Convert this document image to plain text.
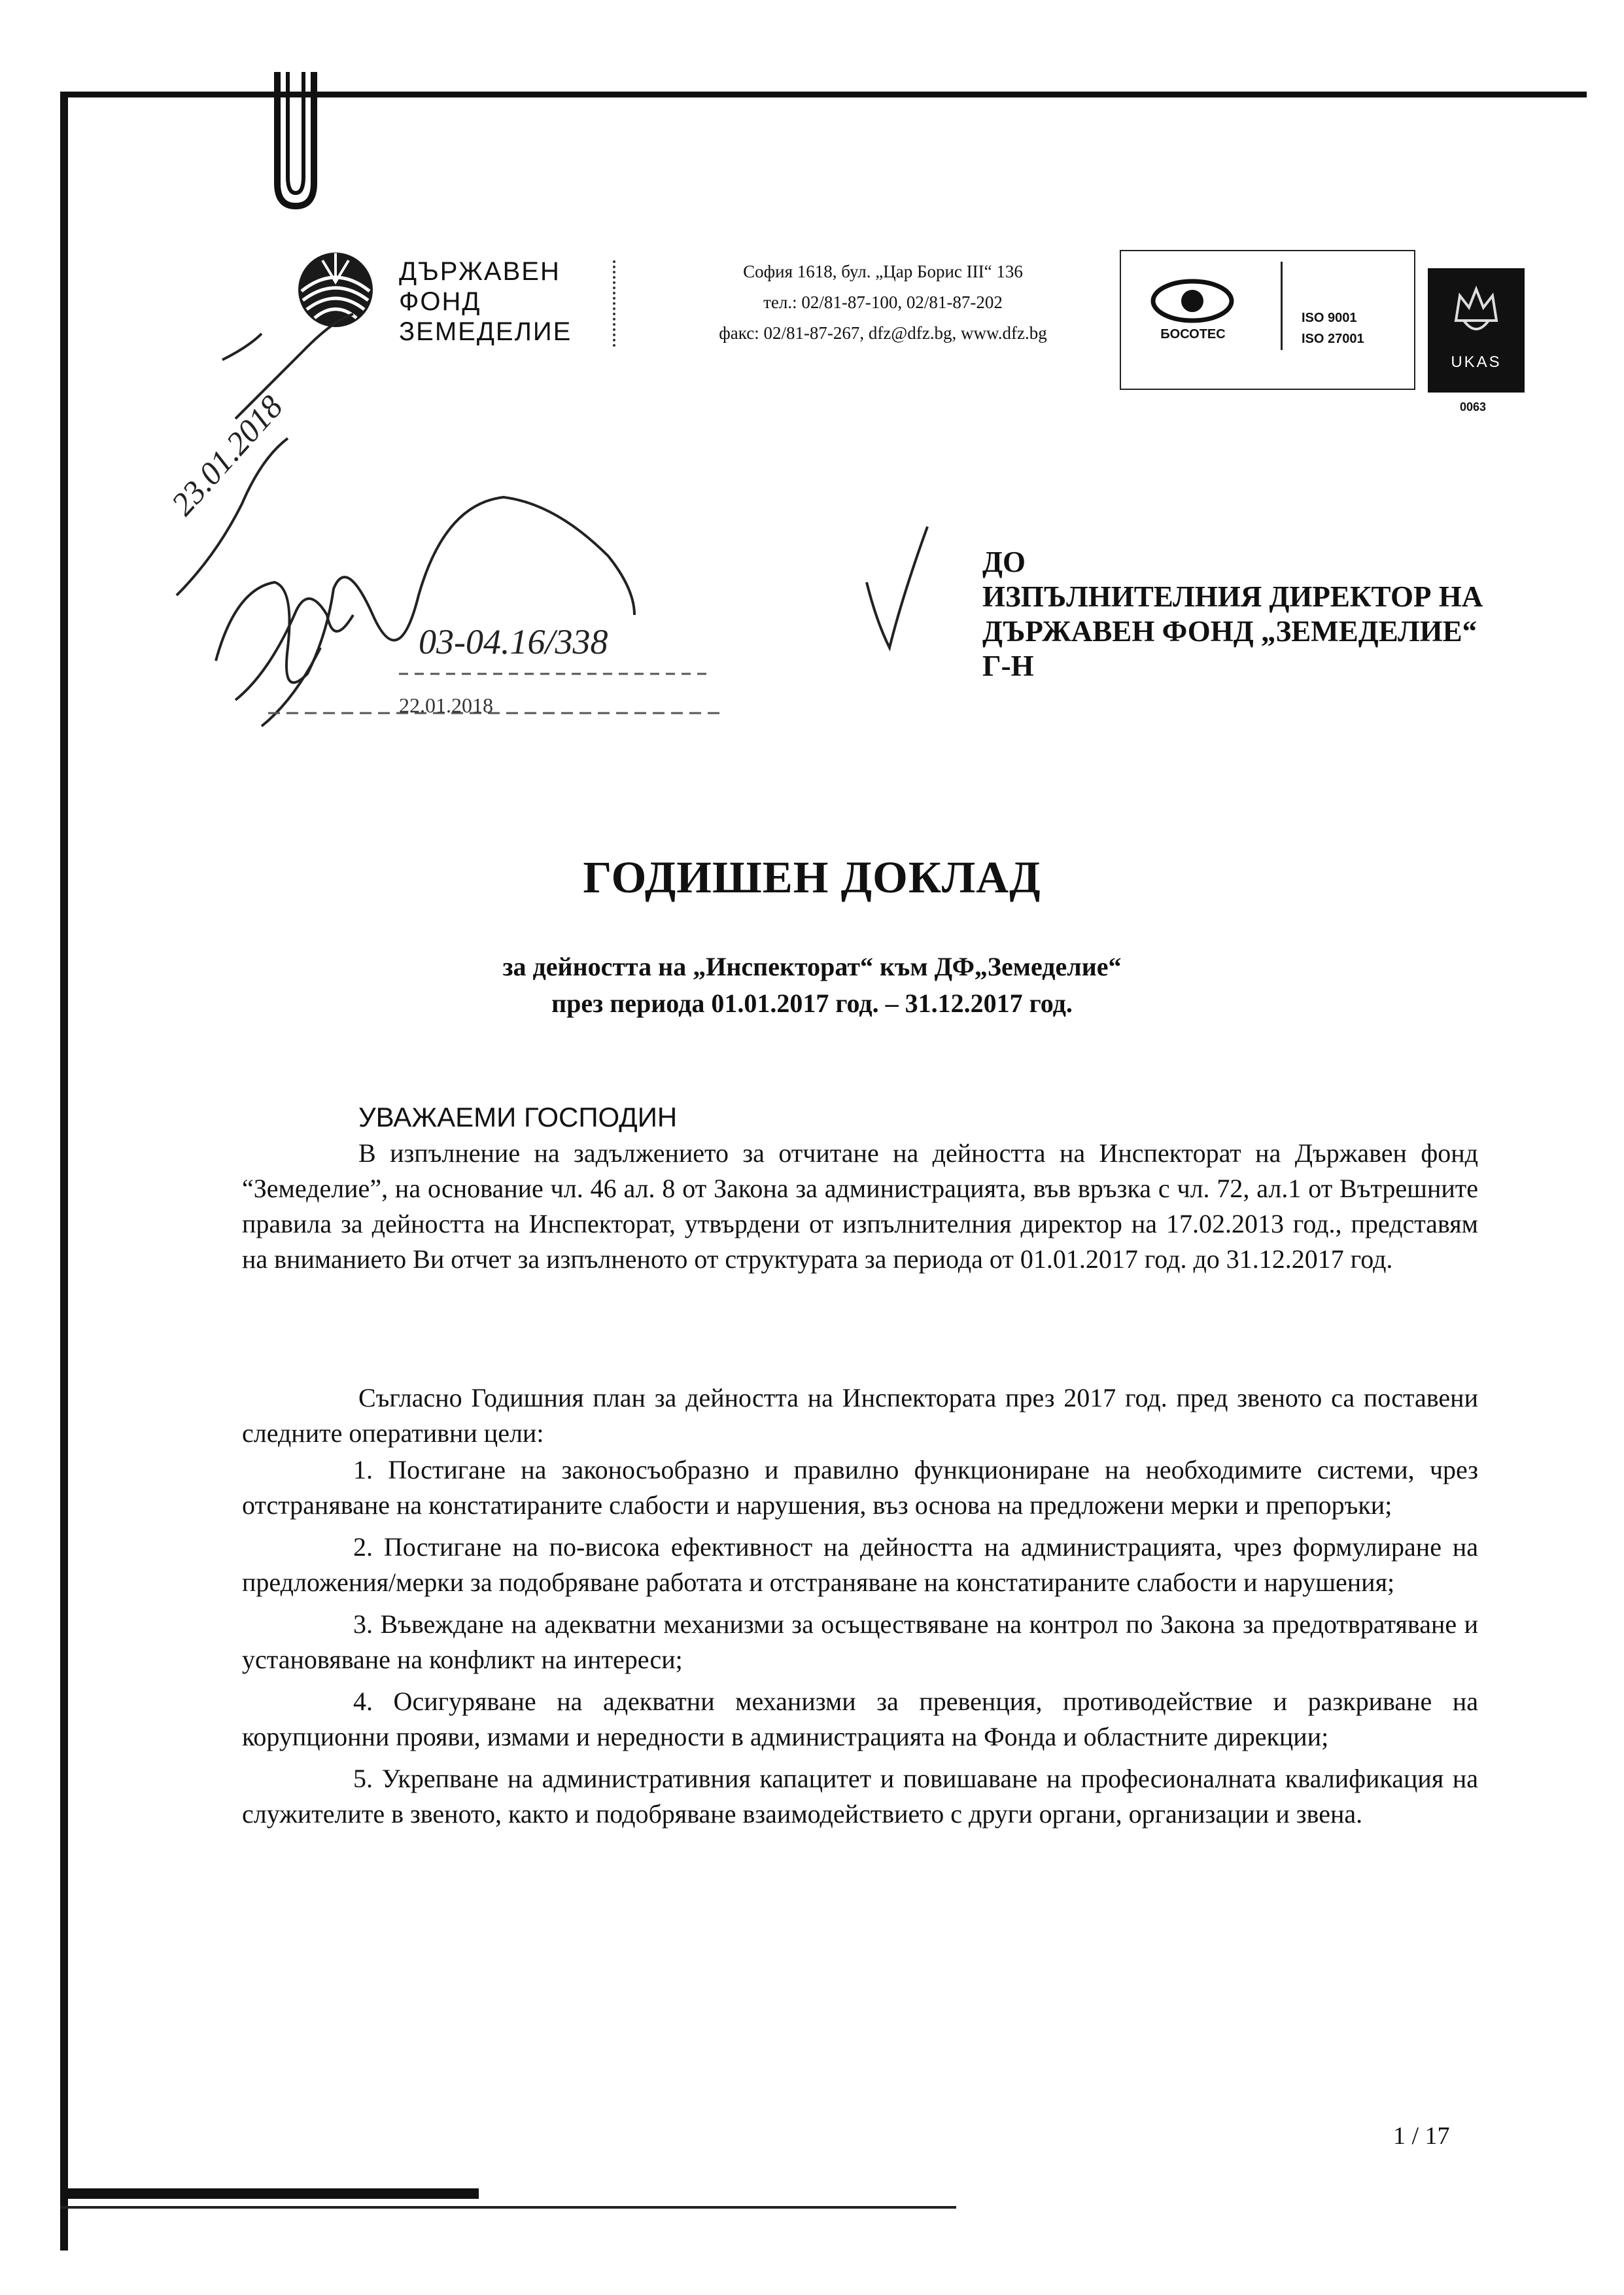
ДЪРЖАВЕН
ФОНД
ЗЕМЕДЕЛИЕ
София 1618, бул. „Цар Борис III“ 136
тел.: 02/81-87-100, 02/81-87-202
факс: 02/81-87-267, dfz@dfz.bg, www.dfz.bg	БОСОТЕС
ISO 9001
ISO 27001
UKAS
0063
23.01.2018
03-04.16/338
22.01.2018
ДО
ИЗПЪЛНИТЕЛНИЯ ДИРЕКТОР НА
ДЪРЖАВЕН ФОНД „ЗЕМЕДЕЛИЕ“
Г-Н
ГОДИШЕН ДОКЛАД
за дейността на „Инспекторат“ към ДФ„Земеделие“
през периода 01.01.2017 год. – 31.12.2017 год.
УВАЖАЕМИ ГОСПОДИН
В изпълнение на задължението за отчитане на дейността на Инспекторат на Държавен фонд “Земеделие”, на основание чл. 46 ал. 8 от Закона за администрацията, във връзка с чл. 72, ал.1 от Вътрешните правила за дейността на Инспекторат, утвърдени от изпълнителния директор на 17.02.2013 год., представям на вниманието Ви отчет за изпълненото от структурата за периода от 01.01.2017 год. до 31.12.2017 год.
Съгласно Годишния план за дейността на Инспектората през 2017 год. пред звеното са поставени следните оперативни цели:
1. Постигане на законосъобразно и правилно функциониране на необходимите системи, чрез отстраняване на констатираните слабости и нарушения, въз основа на предложени мерки и препоръки;
2. Постигане на по-висока ефективност на дейността на администрацията, чрез формулиране на предложения/мерки за подобряване работата и отстраняване на констатираните слабости и нарушения;
3. Въвеждане на адекватни механизми за осъществяване на контрол по Закона за предотвратяване и установяване на конфликт на интереси;
4. Осигуряване на адекватни механизми за превенция, противодействие и разкриване на корупционни прояви, измами и нередности в администрацията на Фонда и областните дирекции;
5. Укрепване на административния капацитет и повишаване на професионалната квалификация на служителите в звеното, както и подобряване взаимодействието с други органи, организации и звена.
1 / 17
